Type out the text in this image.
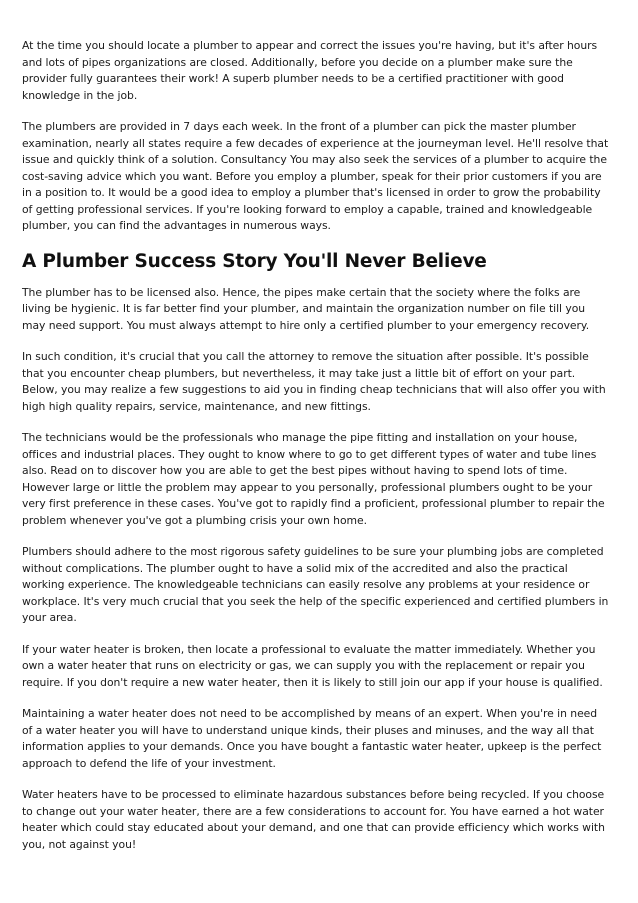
At the time you should locate a plumber to appear and correct the issues you're having, but it's after hours and lots of pipes organizations are closed. Additionally, before you decide on a plumber make sure the provider fully guarantees their work! A superb plumber needs to be a certified practitioner with good knowledge in the job.

The plumbers are provided in 7 days each week. In the front of a plumber can pick the master plumber examination, nearly all states require a few decades of experience at the journeyman level. He'll resolve that issue and quickly think of a solution. Consultancy You may also seek the services of a plumber to acquire the cost-saving advice which you want. Before you employ a plumber, speak for their prior customers if you are in a position to. It would be a good idea to employ a plumber that's licensed in order to grow the probability of getting professional services. If you're looking forward to employ a capable, trained and knowledgeable plumber, you can find the advantages in numerous ways.

A Plumber Success Story You'll Never Believe

The plumber has to be licensed also. Hence, the pipes make certain that the society where the folks are living be hygienic. It is far better find your plumber, and maintain the organization number on file till you may need support. You must always attempt to hire only a certified plumber to your emergency recovery.

In such condition, it's crucial that you call the attorney to remove the situation after possible. It's possible that you encounter cheap plumbers, but nevertheless, it may take just a little bit of effort on your part. Below, you may realize a few suggestions to aid you in finding cheap technicians that will also offer you with high high quality repairs, service, maintenance, and new fittings.

The technicians would be the professionals who manage the pipe fitting and installation on your house, offices and industrial places. They ought to know where to go to get different types of water and tube lines also. Read on to discover how you are able to get the best pipes without having to spend lots of time. However large or little the problem may appear to you personally, professional plumbers ought to be your very first preference in these cases. You've got to rapidly find a proficient, professional plumber to repair the problem whenever you've got a plumbing crisis your own home.

Plumbers should adhere to the most rigorous safety guidelines to be sure your plumbing jobs are completed without complications. The plumber ought to have a solid mix of the accredited and also the practical working experience. The knowledgeable technicians can easily resolve any problems at your residence or workplace. It's very much crucial that you seek the help of the specific experienced and certified plumbers in your area.

If your water heater is broken, then locate a professional to evaluate the matter immediately. Whether you own a water heater that runs on electricity or gas, we can supply you with the replacement or repair you require. If you don't require a new water heater, then it is likely to still join our app if your house is qualified.

Maintaining a water heater does not need to be accomplished by means of an expert. When you're in need of a water heater you will have to understand unique kinds, their pluses and minuses, and the way all that information applies to your demands. Once you have bought a fantastic water heater, upkeep is the perfect approach to defend the life of your investment.

Water heaters have to be processed to eliminate hazardous substances before being recycled. If you choose to change out your water heater, there are a few considerations to account for. You have earned a hot water heater which could stay educated about your demand, and one that can provide efficiency which works with you, not against you!
